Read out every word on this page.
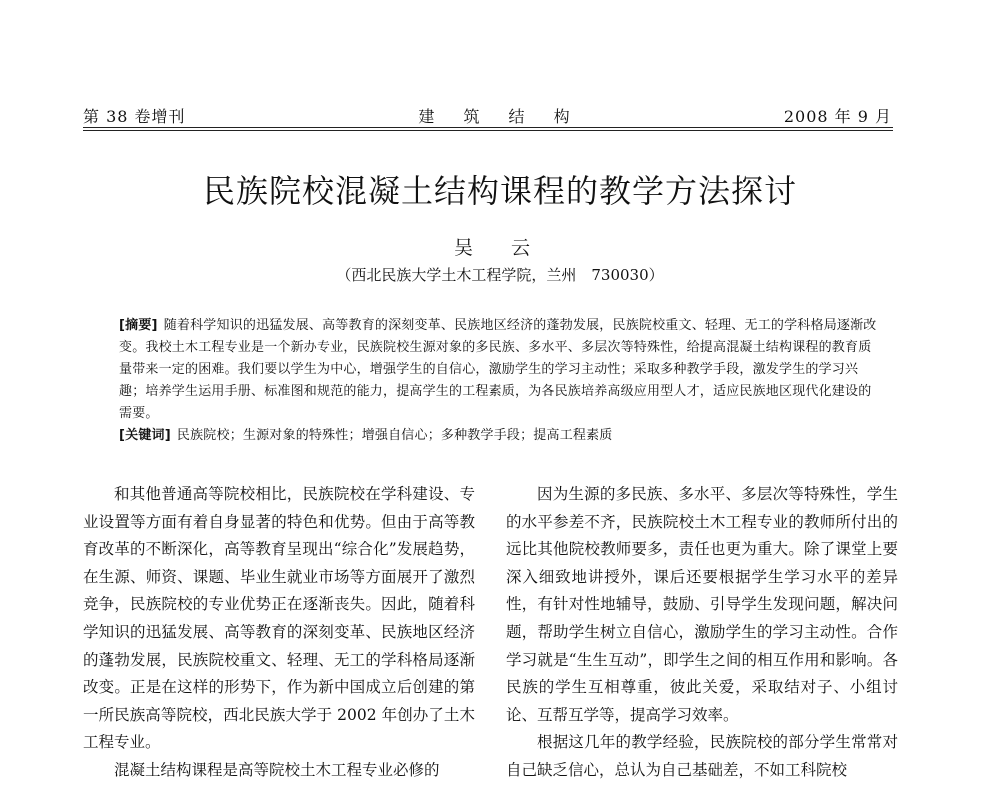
第 38 卷增刊	建 筑 结 构	2008 年 9 月
民族院校混凝土结构课程的教学方法探讨
吴 云
（西北民族大学土木工程学院，兰州　730030）
[摘要] 随着科学知识的迅猛发展、高等教育的深刻变革、民族地区经济的蓬勃发展，民族院校重文、轻理、无工的学科格局逐渐改变。我校土木工程专业是一个新办专业，民族院校生源对象的多民族、多水平、多层次等特殊性，给提高混凝土结构课程的教育质量带来一定的困难。我们要以学生为中心，增强学生的自信心，激励学生的学习主动性；采取多种教学手段，激发学生的学习兴趣；培养学生运用手册、标准图和规范的能力，提高学生的工程素质，为各民族培养高级应用型人才，适应民族地区现代化建设的需要。
[关键词] 民族院校；生源对象的特殊性；增强自信心；多种教学手段；提高工程素质

和其他普通高等院校相比，民族院校在学科建设、专业设置等方面有着自身显著的特色和优势。但由于高等教育改革的不断深化，高等教育呈现出“综合化”发展趋势，在生源、师资、课题、毕业生就业市场等方面展开了激烈竞争，民族院校的专业优势正在逐渐丧失。因此，随着科学知识的迅猛发展、高等教育的深刻变革、民族地区经济的蓬勃发展，民族院校重文、轻理、无工的学科格局逐渐改变。正是在这样的形势下，作为新中国成立后创建的第一所民族高等院校，西北民族大学于 2002 年创办了土木工程专业。

混凝土结构课程是高等院校土木工程专业必修的

因为生源的多民族、多水平、多层次等特殊性，学生的水平参差不齐，民族院校土木工程专业的教师所付出的远比其他院校教师要多，责任也更为重大。除了课堂上要深入细致地讲授外，课后还要根据学生学习水平的差异性，有针对性地辅导，鼓励、引导学生发现问题，解决问题，帮助学生树立自信心，激励学生的学习主动性。合作学习就是“生生互动”，即学生之间的相互作用和影响。各民族的学生互相尊重，彼此关爱，采取结对子、小组讨论、互帮互学等，提高学习效率。

根据这几年的教学经验，民族院校的部分学生常常对自己缺乏信心，总认为自己基础差，不如工科院校
